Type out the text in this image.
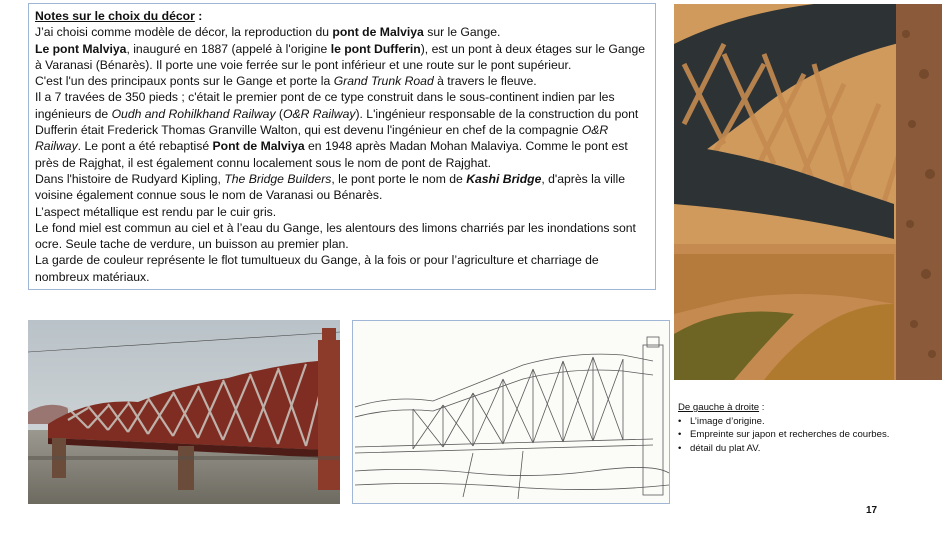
Notes sur le choix du décor :

J’ai choisi comme modèle de décor, la reproduction du pont de Malviya sur le Gange.

Le pont Malviya, inauguré en 1887 (appelé à l'origine le pont Dufferin), est un pont à deux étages sur le Gange à Varanasi (Bénarès). Il porte une voie ferrée sur le pont inférieur et une route sur le pont supérieur.

C'est l'un des principaux ponts sur le Gange et porte la Grand Trunk Road à travers le fleuve.

Il a 7 travées de 350 pieds ; c'était le premier pont de ce type construit dans le sous-continent indien par les ingénieurs de Oudh and Rohilkhand Railway (O&R Railway). L'ingénieur responsable de la construction du pont Dufferin était Frederick Thomas Granville Walton, qui est devenu l'ingénieur en chef de la compagnie O&R Railway. Le pont a été rebaptisé Pont de Malviya en 1948 après Madan Mohan Malaviya. Comme le pont est près de Rajghat, il est également connu localement sous le nom de pont de Rajghat.

Dans l'histoire de Rudyard Kipling, The Bridge Builders, le pont porte le nom de Kashi Bridge, d'après la ville voisine également connue sous le nom de Varanasi ou Bénarès.

L’aspect métallique est rendu par le cuir gris.

Le fond miel est commun au ciel et à l’eau du Gange, les alentours des limons charriés par les inondations sont ocre. Seule tache de verdure, un buisson au premier plan.

La garde de couleur représente le flot tumultueux du Gange, à la fois or pour l’agriculture et charriage de nombreux matériaux.

De gauche à droite :
• L’image d’origine.
• Empreinte sur japon et recherches de courbes.
• détail du plat AV.
17
